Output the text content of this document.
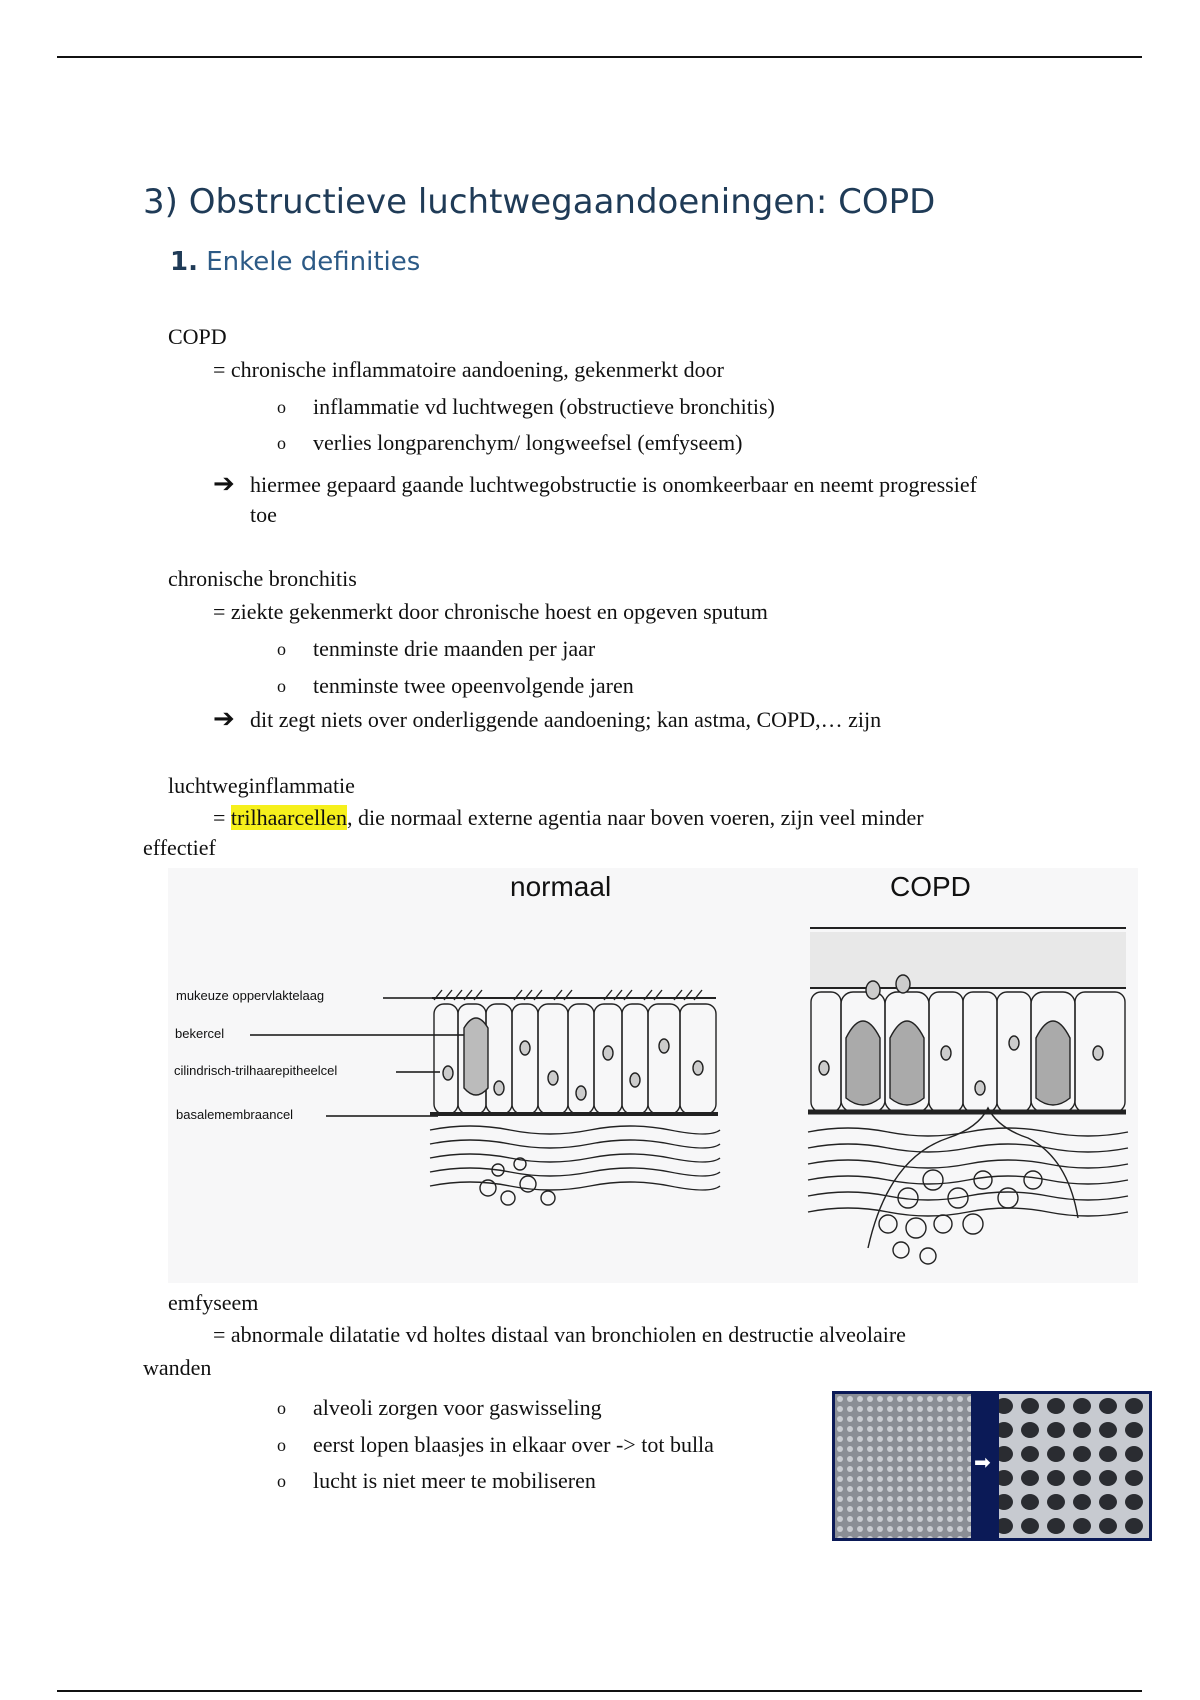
3) Obstructieve luchtwegaandoeningen: COPD
1. Enkele definities
COPD
= chronische inflammatoire aandoening, gekenmerkt door
o inflammatie vd luchtwegen (obstructieve bronchitis)
o verlies longparenchym/ longweefsel (emfyseem)
➔ hiermee gepaard gaande luchtwegobstructie is onomkeerbaar en neemt progressief
toe
chronische bronchitis
= ziekte gekenmerkt door chronische hoest en opgeven sputum
o tenminste drie maanden per jaar
o tenminste twee opeenvolgende jaren
➔ dit zegt niets over onderliggende aandoening; kan astma, COPD,… zijn
luchtweginflammatie
= trilhaarcellen, die normaal externe agentia naar boven voeren, zijn veel minder
effectief
normaal	COPD
mukeuze oppervlaktelaag
bekercel
cilindrisch-trilhaarepitheelcel
basalemembraancel
emfyseem
= abnormale dilatatie vd holtes distaal van bronchiolen en destructie alveolaire
wanden
o alveoli zorgen voor gaswisseling
o eerst lopen blaasjes in elkaar over -> tot bulla
o lucht is niet meer te mobiliseren
➡
